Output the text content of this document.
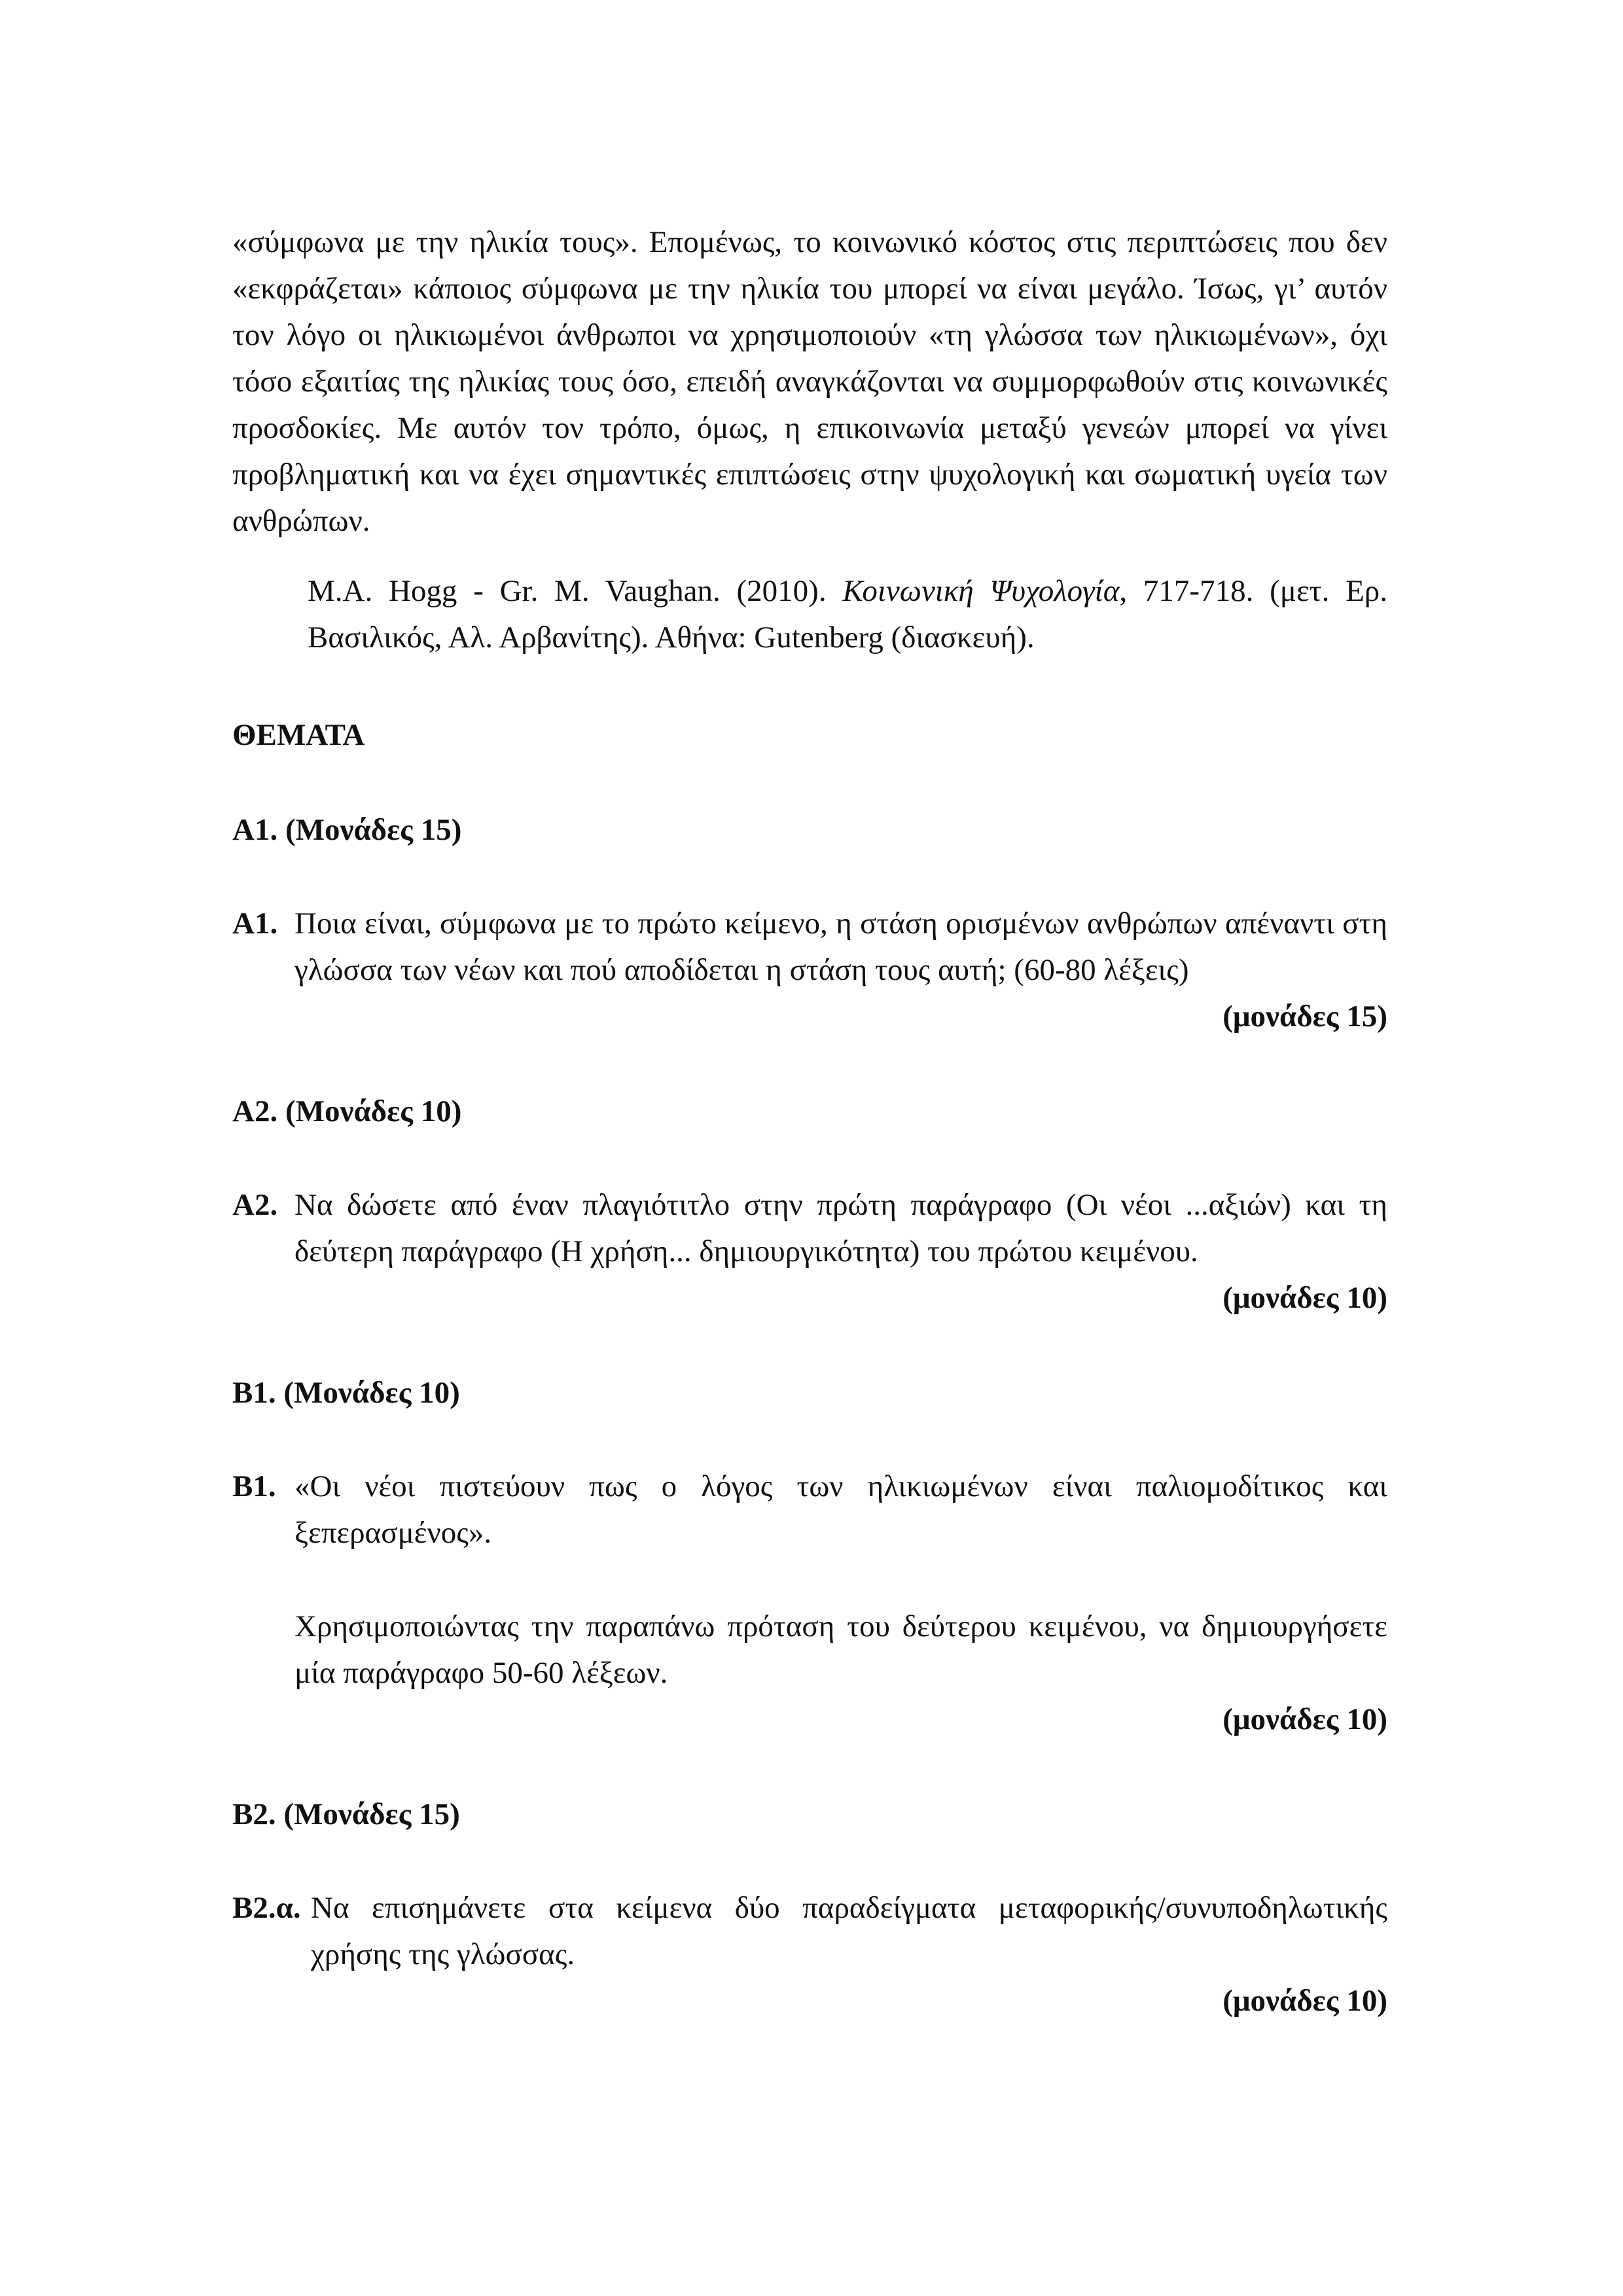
«σύμφωνα με την ηλικία τους». Επομένως, το κοινωνικό κόστος στις περιπτώσεις που δεν «εκφράζεται» κάποιος σύμφωνα με την ηλικία του μπορεί να είναι μεγάλο. Ίσως, γι’ αυτόν τον λόγο οι ηλικιωμένοι άνθρωποι να χρησιμοποιούν «τη γλώσσα των ηλικιωμένων», όχι τόσο εξαιτίας της ηλικίας τους όσο, επειδή αναγκάζονται να συμμορφωθούν στις κοινωνικές προσδοκίες. Με αυτόν τον τρόπο, όμως, η επικοινωνία μεταξύ γενεών μπορεί να γίνει προβληματική και να έχει σημαντικές επιπτώσεις στην ψυχολογική και σωματική υγεία των ανθρώπων.

M.A. Hogg - Gr. M. Vaughan. (2010). Κοινωνική Ψυχολογία, 717-718. (μετ. Ερ. Βασιλικός, Αλ. Αρβανίτης). Αθήνα: Gutenberg (διασκευή).

ΘΕΜΑΤΑ

Α1. (Μονάδες 15)

Α1. Ποια είναι, σύμφωνα με το πρώτο κείμενο, η στάση ορισμένων ανθρώπων απέναντι στη γλώσσα των νέων και πού αποδίδεται η στάση τους αυτή; (60-80 λέξεις)

(μονάδες 15)

Α2. (Μονάδες 10)

Α2. Να δώσετε από έναν πλαγιότιτλο στην πρώτη παράγραφο (Οι νέοι ...αξιών) και τη δεύτερη παράγραφο (Η χρήση... δημιουργικότητα) του πρώτου κειμένου.

(μονάδες 10)

Β1. (Μονάδες 10)

Β1. «Οι νέοι πιστεύουν πως ο λόγος των ηλικιωμένων είναι παλιομοδίτικος και ξεπερασμένος».

Χρησιμοποιώντας την παραπάνω πρόταση του δεύτερου κειμένου, να δημιουργήσετε μία παράγραφο 50-60 λέξεων.

(μονάδες 10)

Β2. (Μονάδες 15)

Β2.α. Να επισημάνετε στα κείμενα δύο παραδείγματα μεταφορικής/συνυποδηλωτικής χρήσης της γλώσσας.

(μονάδες 10)
